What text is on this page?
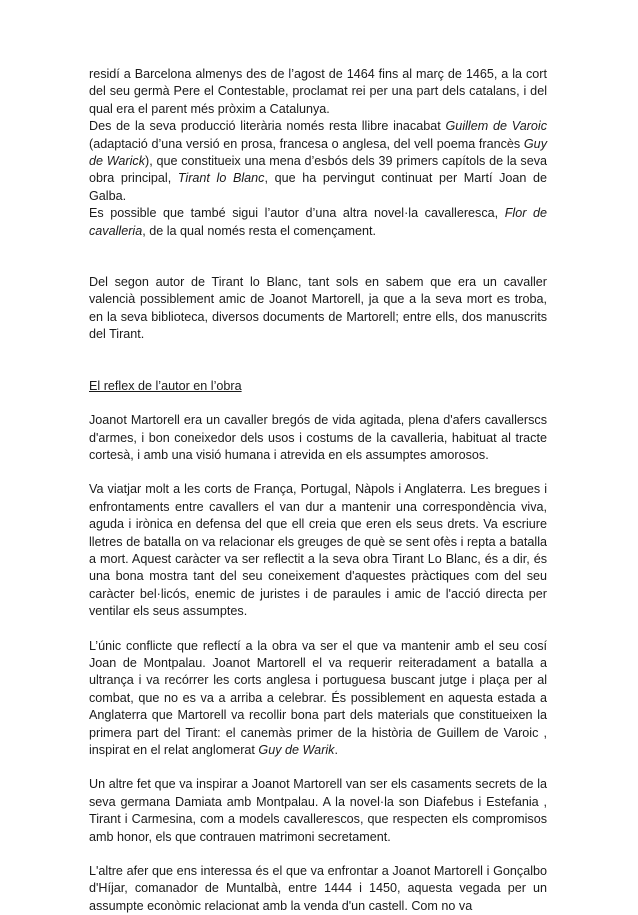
residí a Barcelona almenys des de l’agost de 1464 fins al març de 1465, a la cort del seu germà Pere el Contestable, proclamat rei per una part dels catalans, i del qual era el parent més pròxim a Catalunya.

Des de la seva producció literària només resta llibre inacabat Guillem de Varoic (adaptació d’una versió en prosa, francesa o anglesa, del vell poema francès Guy de Warick), que constitueix una mena d’esbós dels 39 primers capítols de la seva obra principal, Tirant lo Blanc, que ha pervingut continuat per Martí Joan de Galba.

Es possible que també sigui l’autor d’una altra novel·la cavalleresca, Flor de cavalleria, de la qual només resta el començament.

Del segon autor de Tirant lo Blanc, tant sols en sabem que era un cavaller valencià possiblement amic de Joanot Martorell, ja que a la seva mort es troba, en la seva biblioteca, diversos documents de Martorell; entre ells, dos manuscrits del Tirant.

El reflex de l’autor en l’obra

Joanot Martorell era un cavaller bregós de vida agitada, plena d'afers cavallerscs d'armes, i bon coneixedor dels usos i costums de la cavalleria, habituat al tracte cortesà, i amb una visió humana i atrevida en els assumptes amorosos.

Va viatjar molt a les corts de França, Portugal, Nàpols i Anglaterra. Les bregues i enfrontaments entre cavallers el van dur a mantenir una correspondència viva, aguda i irònica en defensa del que ell creia que eren els seus drets. Va escriure lletres de batalla on va relacionar els greuges de què se sent ofès i repta a batalla a mort. Aquest caràcter va ser reflectit a la seva obra Tirant Lo Blanc, és a dir, és una bona mostra tant del seu coneixement d'aquestes pràctiques com del seu caràcter bel·licós, enemic de juristes i de paraules i amic de l'acció directa per ventilar els seus assumptes.

L’únic conflicte que reflectí a la obra va ser el que va mantenir amb el seu cosí Joan de Montpalau. Joanot Martorell el va requerir reiteradament a batalla a ultrança i va recórrer les corts anglesa i portuguesa buscant jutge i plaça per al combat, que no es va a arriba a celebrar. És possiblement en aquesta estada a Anglaterra que Martorell va recollir bona part dels materials que constitueixen la primera part del Tirant: el canemàs primer de la història de Guillem de Varoic , inspirat en el relat anglomerat Guy de Warik.

Un altre fet que va inspirar a Joanot Martorell van ser els casaments secrets de la seva germana Damiata amb Montpalau. A la novel·la son Diafebus i Estefania , Tirant i Carmesina, com a models cavallerescos, que respecten els compromisos amb honor, els que contrauen matrimoni secretament.

L'altre afer que ens interessa és el que va enfrontar a Joanot Martorell i Gonçalbo d'Híjar, comanador de Muntalbà, entre 1444 i 1450, aquesta vegada per un assumpte econòmic relacionat amb la venda d'un castell. Com no va
